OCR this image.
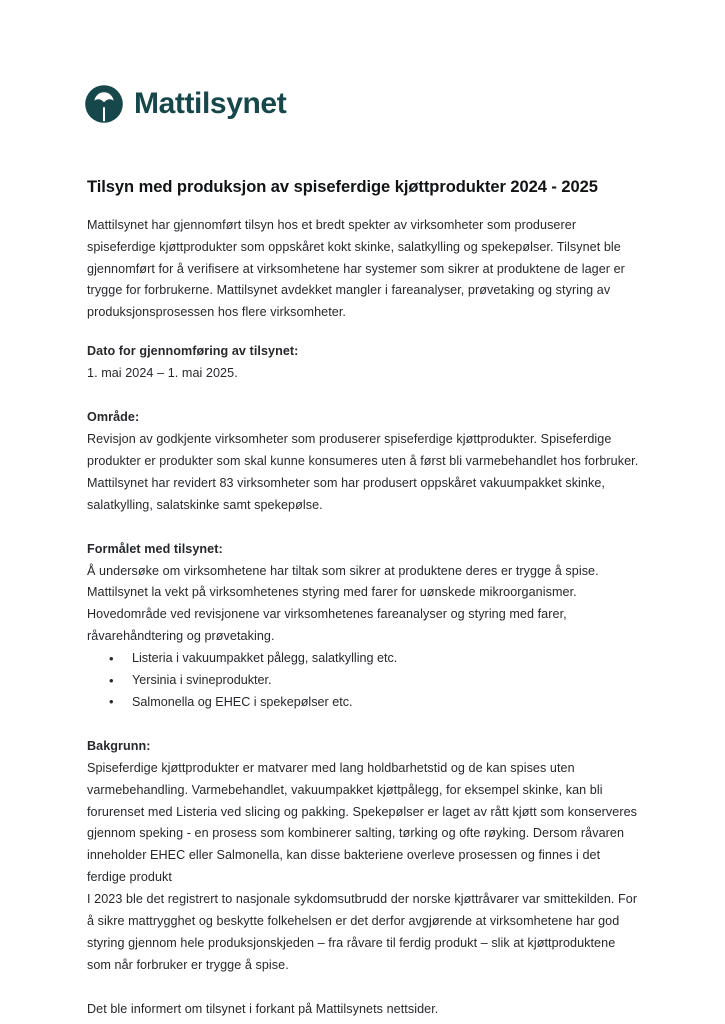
Mattilsynet
Tilsyn med produksjon av spiseferdige kjøttprodukter 2024 - 2025

Mattilsynet har gjennomført tilsyn hos et bredt spekter av virksomheter som produserer spiseferdige kjøttprodukter som oppskåret kokt skinke, salatkylling og spekepølser. Tilsynet ble gjennomført for å verifisere at virksomhetene har systemer som sikrer at produktene de lager er trygge for forbrukerne. Mattilsynet avdekket mangler i fareanalyser, prøvetaking og styring av produksjonsprosessen hos flere virksomheter.

Dato for gjennomføring av tilsynet:

1. mai 2024 – 1. mai 2025.

Område:

Revisjon av godkjente virksomheter som produserer spiseferdige kjøttprodukter. Spiseferdige produkter er produkter som skal kunne konsumeres uten å først bli varmebehandlet hos forbruker. Mattilsynet har revidert 83 virksomheter som har produsert oppskåret vakuumpakket skinke, salatkylling, salatskinke samt spekepølse.

Formålet med tilsynet:

Å undersøke om virksomhetene har tiltak som sikrer at produktene deres er trygge å spise. Mattilsynet la vekt på virksomhetenes styring med farer for uønskede mikroorganismer. Hovedområde ved revisjonene var virksomhetenes fareanalyser og styring med farer, råvarehåndtering og prøvetaking.

• Listeria i vakuumpakket pålegg, salatkylling etc.
• Yersinia i svineprodukter.
• Salmonella og EHEC i spekepølser etc.

Bakgrunn:

Spiseferdige kjøttprodukter er matvarer med lang holdbarhetstid og de kan spises uten varmebehandling. Varmebehandlet, vakuumpakket kjøttpålegg, for eksempel skinke, kan bli forurenset med Listeria ved slicing og pakking. Spekepølser er laget av rått kjøtt som konserveres gjennom speking - en prosess som kombinerer salting, tørking og ofte røyking. Dersom råvaren inneholder EHEC eller Salmonella, kan disse bakteriene overleve prosessen og finnes i det ferdige produkt

I 2023 ble det registrert to nasjonale sykdomsutbrudd der norske kjøttråvarer var smittekilden. For å sikre mattrygghet og beskytte folkehelsen er det derfor avgjørende at virksomhetene har god styring gjennom hele produksjonskjeden – fra råvare til ferdig produkt – slik at kjøttproduktene som når forbruker er trygge å spise.

Det ble informert om tilsynet i forkant på Mattilsynets nettsider.
